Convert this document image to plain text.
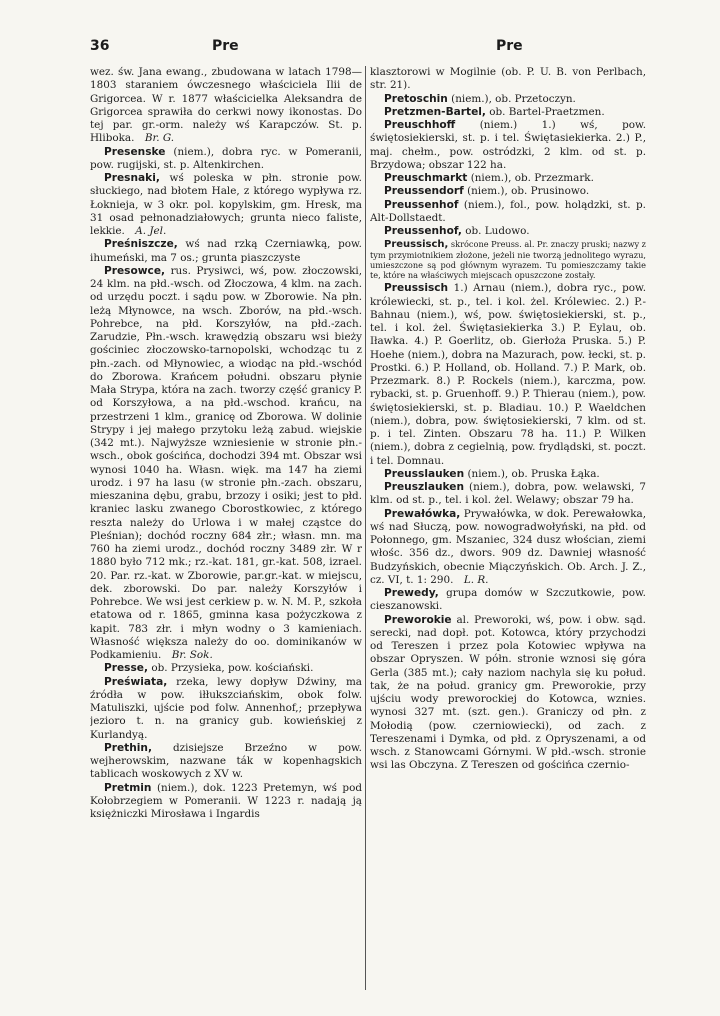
36	Pre	Pre

wez. św. Jana ewang., zbudowana w latach 1798—1803 staraniem ówczesnego właściciela Ilii de Grigorcea. W r. 1877 właścicielka Aleksandra de Grigorcea sprawiła do cerkwi nowy ikonostas. Do tej par. gr.-orm. należy wś Karapczów. St. p. Hliboka.  Br. G.

Presenske (niem.), dobra ryc. w Pomeranii, pow. rugijski, st. p. Altenkirchen.

Presnaki, wś poleska w płn. stronie pow. słuckiego, nad błotem Hale, z którego wypływa rz. Łokniejа, w 3 okr. pol. kopylskim, gm. Hresk, ma 31 osad pełnonadziałowych; grunta nieco faliste, lekkie.  A. Jel.

Preśniszcze, wś nad rzką Czerniawką, pow. ihumeński, ma 7 os.; grunta piaszczyste

Presowce, rus. Prysiwci, wś, pow. złoczowski, 24 klm. na płd.-wsch. od Złoczowa, 4 klm. na zach. od urzędu poczt. i sądu pow. w Zborowie. Na płn. leżą Młynowce, na wsch. Zborów, na płd.-wsch. Pohrebce, na płd. Korszyłów, na płd.-zach. Zarudzie, Płn.-wsch. krawędzią obszaru wsi bieży gościniec złoczowsko-tarnopolski, wchodząc tu z płn.-zach. od Młynowiec, a wiodąc na płd.-wschód do Zborowa. Krańcem południ. obszaru płynie Mała Strypa, która na zach. tworzy część granicy P. od Korszyłowa, a na płd.-wschod. krańcu, na przestrzeni 1 klm., granicę od Zborowa. W dolinie Strypy i jej małego przytoku leżą zabud. wiejskie (342 mt.). Najwyższe wzniesienie w stronie płn.-wsch., obok gościńca, dochodzi 394 mt. Obszar wsi wynosi 1040 ha. Własn. więk. ma 147 ha ziemi urodz. i 97 ha lasu (w stronie płn.-zach. obszaru, mieszanina dębu, grabu, brzozy i osiki; jest to płd. kraniec lasku zwanego Cborostkowiec, z którego reszta należy do Urlowa i w małej cząstce do Pleśnian); dochód roczny 684 złr.; własn. mn. ma 760 ha ziemi urodz., dochód roczny 3489 złr. W r 1880 było 712 mk.; rz.-kat. 181, gr.-kat. 508, izrael. 20. Par. rz.-kat. w Zborowie, par.gr.-kat. w miejscu, dek. zborowski. Do par. należy Korszyłów i Pohrebce. We wsi jest cerkiew p. w. N. M. P., szkoła etatowa od r. 1865, gminna kasa pożyczkowa z kapit. 783 złr. i młyn wodny o 3 kamieniach. Własność większa należy do oo. dominikanów w Podkamieniu.  Br. Sok.

Presse, ob. Przysieka, pow. kościański.

Preświata, rzeka, lewy dopływ Dźwiny, ma źródła w pow. iłłukszciańskim, obok folw. Matuliszki, ujście pod folw. Annenhof,; przepływa jezioro t. n. na granicy gub. kowieńskiej z Kurlandyą.

Prethin, dzisiejsze Brzeźno w pow. wejherowskim, nazwane ták w kopenhagskich tablicach woskowych z XV w.

Pretmin (niem.), dok. 1223 Pretemyn, wś pod Kołobrzegiem w Pomeranii. W 1223 r. nadają ją księżniczki Mirosława i Ingardis

klasztorowi w Mogilnie (ob. P. U. B. von Perlbach, str. 21).

Pretoschin (niem.), ob. Przetoczyn.

Pretzmen-Bartel, ob. Bartel-Praetzmen.

Preuschhoff (niem.) 1.) wś, pow. świętosiekierski, st. p. i tel. Świętasiekierka. 2.) P., maj. chełm., pow. ostródzki, 2 klm. od st. p. Brzydowa; obszar 122 ha.

Preuschmarkt (niem.), ob. Przezmark.

Preussendorf (niem.), ob. Prusinowo.

Preussenhof (niem.), fol., pow. holądzki, st. p. Alt-Dollstaedt.

Preussenhof, ob. Ludowo.

Preussisch, skrócone Preuss. al. Pr. znaczy pruski; nazwy z tym przymiotnikiem złożone, jeżeli nie tworzą jednolitego wyrazu, umieszczone są pod głównym wyrazem. Tu pomieszczamy takie te, które na właściwych miejscach opuszczone zostały.

Preussisch 1.) Arnau (niem.), dobra ryc., pow. królewiecki, st. p., tel. i kol. żel. Królewiec. 2.) P.-Bahnau (niem.), wś, pow. świętosiekierski, st. p., tel. i kol. żel. Świętasiekierka 3.) P. Eylau, ob. Iławka. 4.) P. Goerlitz, ob. Gierłoża Pruska. 5.) P. Hoehe (niem.), dobra na Mazurach, pow. łecki, st. p. Prostki. 6.) P. Holland, ob. Holland. 7.) P. Mark, ob. Przezmark. 8.) P. Rockels (niem.), karczma, pow. rybacki, st. p. Gruenhoff. 9.) P. Thierau (niem.), pow. świętosiekierski, st. p. Bladiau. 10.) P. Waeldchen (niem.), dobra, pow. świętosiekierski, 7 klm. od st. p. i tel. Zinten. Obszaru 78 ha. 11.) P. Wilken (niem.), dobra z cegielnią, pow. frydlądski, st. poczt. i tel. Domnau.

Preusslauken (niem.), ob. Pruska Łąka.

Preuszlauken (niem.), dobra, pow. welawski, 7 klm. od st. p., tel. i kol. żel. Welawy; obszar 79 ha.

Prewałówka, Prywałówka, w dok. Perewałowka, wś nad Słuczą, pow. nowogradwołyński, na płd. od Połonnego, gm. Mszaniec, 324 dusz włościan, ziemi włośc. 356 dz., dwors. 909 dz. Dawniej własność Budzyńskich, obecnie Miączyńskich. Ob. Arch. J. Z., cz. VI, t. 1: 290.  L. R.

Prewedy, grupa domów w Szczutkowie, pow. cieszanowski.

Preworokie al. Preworoki, wś, pow. i obw. sąd. serecki, nad dopł. pot. Kotowca, który przychodzi od Tereszen i przez pola Kotowiec wpływa na obszar Opryszen. W półn. stronie wznosi się góra Gerla (385 mt.); cały naziom nachyla się ku połud. tak, że na połud. granicy gm. Preworokie, przy ujściu wody preworockiej do Kotowca, wznies. wynosi 327 mt. (szt. gen.). Graniczy od płn. z Mołodią (pow. czerniowiecki), od zach. z Tereszenami i Dymka, od płd. z Opryszenami, a od wsch. z Stanowcami Górnymi. W płd.-wsch. stronie wsi las Obczyna. Z Tereszen od gościńca czernio-
